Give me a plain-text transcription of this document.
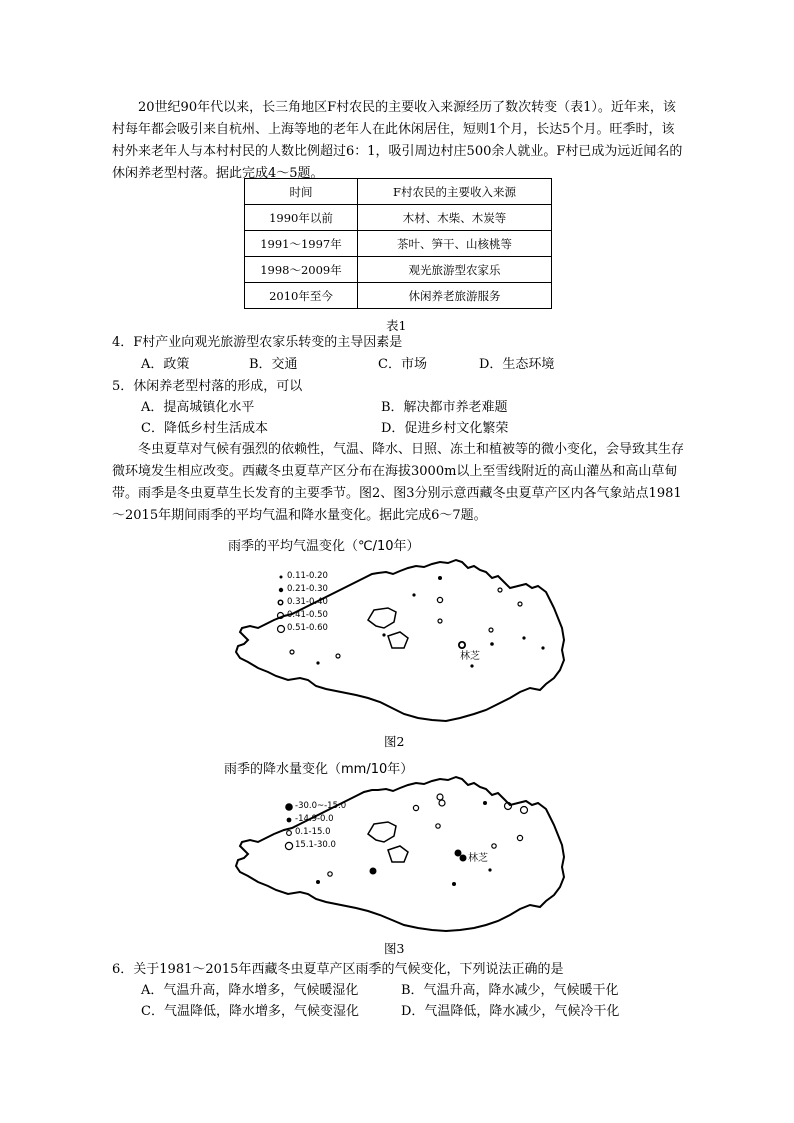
20世纪90年代以来，长三角地区F村农民的主要收入来源经历了数次转变（表1）。近年来，该村每年都会吸引来自杭州、上海等地的老年人在此休闲居住，短则1个月，长达5个月。旺季时，该村外来老年人与本村村民的人数比例超过6：1，吸引周边村庄500余人就业。F村已成为远近闻名的休闲养老型村落。据此完成4～5题。

时间	F村农民的主要收入来源
1990年以前	木材、木柴、木炭等
1991～1997年	茶叶、笋干、山核桃等
1998～2009年	观光旅游型农家乐
2010年至今	休闲养老旅游服务
表1

4．F村产业向观光旅游型农家乐转变的主导因素是

A．政策	B．交通	C．市场	D．生态环境

5．休闲养老型村落的形成，可以

A．提高城镇化水平	B．解决都市养老难题
C．降低乡村生活成本	D．促进乡村文化繁荣

冬虫夏草对气候有强烈的依赖性，气温、降水、日照、冻土和植被等的微小变化，会导致其生存微环境发生相应改变。西藏冬虫夏草产区分布在海拔3000m以上至雪线附近的高山灌丛和高山草甸带。雨季是冬虫夏草生长发育的主要季节。图2、图3分别示意西藏冬虫夏草产区内各气象站点1981～2015年期间雨季的平均气温和降水量变化。据此完成6～7题。

雨季的平均气温变化（℃/10年）
林芝
0.11-0.20
0.21-0.30
0.31-0.40
0.41-0.50
0.51-0.60
图2
雨季的降水量变化（mm/10年）
林芝
-30.0~-15.0
-14.9-0.0
0.1-15.0
15.1-30.0
图3

6．关于1981～2015年西藏冬虫夏草产区雨季的气候变化，下列说法正确的是

A．气温升高，降水增多，气候暖湿化	B．气温升高，降水减少，气候暖干化
C．气温降低，降水增多，气候变湿化	D．气温降低，降水减少，气候冷干化
